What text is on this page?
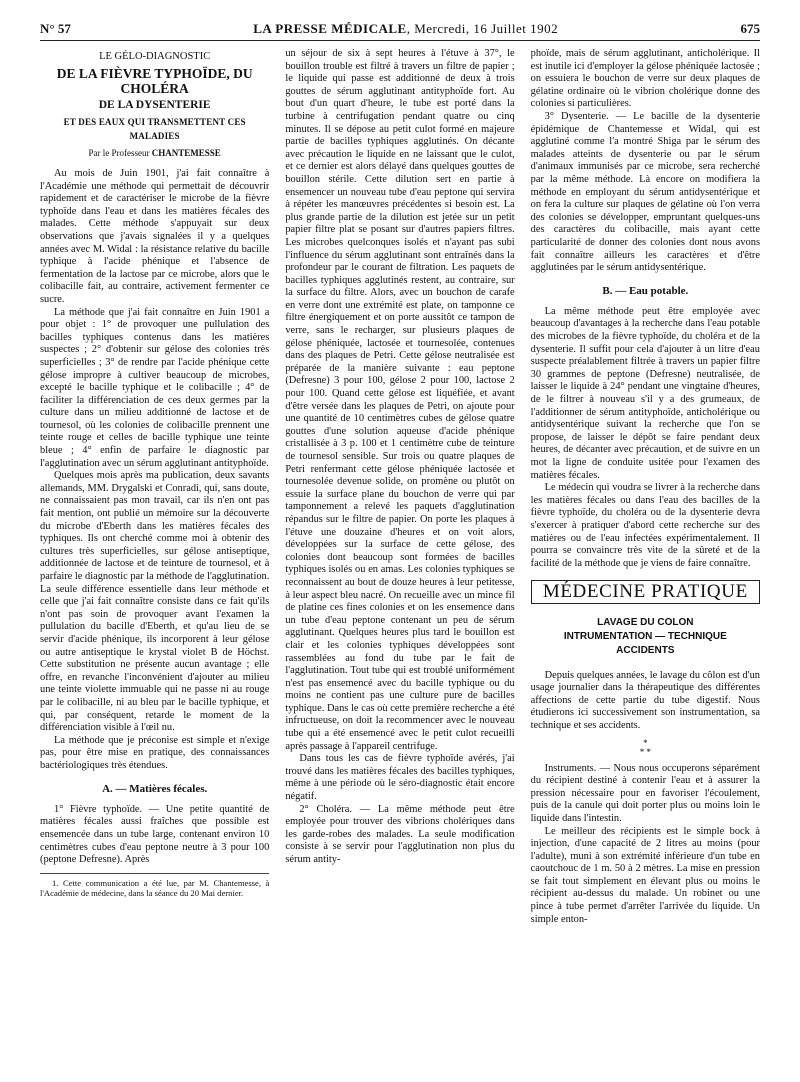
N° 57	LA PRESSE MÉDICALE, Mercredi, 16 Juillet 1902	675
LE GÉLO-DIAGNOSTIC
DE LA FIÈVRE TYPHOÏDE, DU CHOLÉRA
DE LA DYSENTERIE
ET DES EAUX QUI TRANSMETTENT CES MALADIES
Par le Professeur CHANTEMESSE

Au mois de Juin 1901, j'ai fait connaître à l'Académie une méthode qui permettait de découvrir rapidement et de caractériser le microbe de la fièvre typhoïde dans l'eau et dans les matières fécales des malades. Cette méthode s'appuyait sur deux observations que j'avais signalées il y a quelques années avec M. Widal : la résistance relative du bacille typhique à l'acide phénique et l'absence de fermentation de la lactose par ce microbe, alors que le colibacille fait, au contraire, activement fermenter ce sucre.

La méthode que j'ai fait connaître en Juin 1901 a pour objet : 1° de provoquer une pullulation des bacilles typhiques contenus dans les matières suspectes ; 2° d'obtenir sur gélose des colonies très superficielles ; 3° de rendre par l'acide phénique cette gélose impropre à cultiver beaucoup de microbes, excepté le bacille typhique et le colibacille ; 4° de faciliter la différenciation de ces deux germes par la culture dans un milieu additionné de lactose et de tournesol, où les colonies de colibacille prennent une teinte rouge et celles de bacille typhique une teinte bleue ; 4° enfin de parfaire le diagnostic par l'agglutination avec un sérum agglutinant antityphoïde.

Quelques mois après ma publication, deux savants allemands, MM. Drygalski et Conradi, qui, sans doute, ne connaissaient pas mon travail, car ils n'en ont pas fait mention, ont publié un mémoire sur la découverte du microbe d'Eberth dans les matières fécales des typhiques. Ils ont cherché comme moi à obtenir des cultures très superficielles, sur gélose antiseptique, additionnée de lactose et de teinture de tournesol, et à parfaire le diagnostic par la méthode de l'agglutination. La seule différence essentielle dans leur méthode et celle que j'ai fait connaître consiste dans ce fait qu'ils n'ont pas soin de provoquer avant l'examen la pullulation du bacille d'Eberth, et qu'au lieu de se servir d'acide phénique, ils incorporent à leur gélose ou autre antiseptique le krystal violet B de Höchst. Cette substitution ne présente aucun avantage ; elle offre, en revanche l'inconvénient d'ajouter au milieu une teinte violette immuable qui ne passe ni au rouge par le colibacille, ni au bleu par le bacille typhique, et qui, par conséquent, retarde le moment de la différenciation visible à l'œil nu.

La méthode que je préconise est simple et n'exige pas, pour être mise en pratique, des connaissances bactériologiques très étendues.

A. — Matières fécales.

1° Fièvre typhoïde. — Une petite quantité de matières fécales aussi fraîches que possible est ensemencée dans un tube large, contenant environ 10 centimètres cubes d'eau peptone neutre à 3 pour 100 (peptone Defresne). Après

1. Cette communication a été lue, par M. Chantemesse, à l'Académie de médecine, dans la séance du 20 Mai dernier.

un séjour de six à sept heures à l'étuve à 37°, le bouillon trouble est filtré à travers un filtre de papier ; le liquide qui passe est additionné de deux à trois gouttes de sérum agglutinant antityphoïde fort. Au bout d'un quart d'heure, le tube est porté dans la turbine à centrifugation pendant quatre ou cinq minutes. Il se dépose au petit culot formé en majeure partie de bacilles typhiques agglutinés. On décante avec précaution le liquide en ne laissant que le culot, et ce dernier est alors délayé dans quelques gouttes de bouillon stérile. Cette dilution sert en partie à ensemencer un nouveau tube d'eau peptone qui servira à répéter les manœuvres précédentes si besoin est. La plus grande partie de la dilution est jetée sur un petit papier filtre plat se posant sur d'autres papiers filtres. Les microbes quelconques isolés et n'ayant pas subi l'influence du sérum agglutinant sont entraînés dans la profondeur par le courant de filtration. Les paquets de bacilles typhiques agglutinés restent, au contraire, sur la surface du filtre. Alors, avec un bouchon de carafe en verre dont une extrémité est plate, on tamponne ce filtre énergiquement et on porte aussitôt ce tampon de verre, sans le recharger, sur plusieurs plaques de gélose phéniquée, lactosée et tournesolée, contenues dans des plaques de Petri. Cette gélose neutralisée est préparée de la manière suivante : eau peptone (Defresne) 3 pour 100, gélose 2 pour 100, lactose 2 pour 100. Quand cette gélose est liquéfiée, et avant d'être versée dans les plaques de Petri, on ajoute pour une quantité de 10 centimètres cubes de gélose quatre gouttes d'une solution aqueuse d'acide phénique cristallisée à 3 p. 100 et 1 centimètre cube de teinture de tournesol sensible. Sur trois ou quatre plaques de Petri renfermant cette gélose phéniquée lactosée et tournesolée devenue solide, on promène ou plutôt on essuie la surface plane du bouchon de verre qui par tamponnement a relevé les paquets d'agglutination répandus sur le filtre de papier. On porte les plaques à l'étuve une douzaine d'heures et on voit alors, développées sur la surface de cette gélose, des colonies dont beaucoup sont formées de bacilles typhiques isolés ou en amas. Les colonies typhiques se reconnaissent au bout de douze heures à leur petitesse, à leur aspect bleu nacré. On recueille avec un mince fil de platine ces fines colonies et on les ensemence dans un tube d'eau peptone contenant un peu de sérum agglutinant. Quelques heures plus tard le bouillon est clair et les colonies typhiques développées sont rassemblées au fond du tube par le fait de l'agglutination. Tout tube qui est troublé uniformément n'est pas ensemencé avec du bacille typhique ou du moins ne contient pas une culture pure de bacilles typhique. Dans le cas où cette première recherche a été infructueuse, on doit la recommencer avec le nouveau tube qui a été ensemencé avec le petit culot recueilli après passage à l'appareil centrifuge.

Dans tous les cas de fièvre typhoïde avérés, j'ai trouvé dans les matières fécales des bacilles typhiques, même à une période où le séro-diagnostic était encore négatif.

2° Choléra. — La même méthode peut être employée pour trouver des vibrions cholériques dans les garde-robes des malades. La seule modification consiste à se servir pour l'agglutination non plus du sérum antity-

phoïde, mais de sérum agglutinant, anticholérique. Il est inutile ici d'employer la gélose phéniquée lactosée ; on essuiera le bouchon de verre sur deux plaques de gélatine ordinaire où le vibrion cholérique donne des colonies si particulières.

3° Dysenterie. — Le bacille de la dysenterie épidémique de Chantemesse et Widal, qui est agglutiné comme l'a montré Shiga par le sérum des malades atteints de dysenterie ou par le sérum d'animaux immunisés par ce microbe, sera recherché par la même méthode. Là encore on modifiera la méthode en employant du sérum antidysentérique et on fera la culture sur plaques de gélatine où l'on verra des colonies se développer, empruntant quelques-uns des caractères du colibacille, mais ayant cette particularité de donner des colonies dont nous avons fait connaître ailleurs les caractères et d'être agglutinées par le sérum antidysentérique.

B. — Eau potable.

La même méthode peut être employée avec beaucoup d'avantages à la recherche dans l'eau potable des microbes de la fièvre typhoïde, du choléra et de la dysenterie. Il suffit pour cela d'ajouter à un litre d'eau suspecte préalablement filtrée à travers un papier filtre 30 grammes de peptone (Defresne) neutralisée, de laisser le liquide à 24° pendant une vingtaine d'heures, de le filtrer à nouveau s'il y a des grumeaux, de l'additionner de sérum antityphoïde, anticholérique ou antidysentérique suivant la recherche que l'on se propose, de laisser le dépôt se faire pendant deux heures, de décanter avec précaution, et de suivre en un mot la ligne de conduite usitée pour l'examen des matières fécales.

Le médecin qui voudra se livrer à la recherche dans les matières fécales ou dans l'eau des bacilles de la fièvre typhoïde, du choléra ou de la dysenterie devra s'exercer à pratiquer d'abord cette recherche sur des matières ou de l'eau infectées expérimentalement. Il pourra se convaincre très vite de la sûreté et de la facilité de la méthode que je viens de faire connaître.

MÉDECINE PRATIQUE
LAVAGE DU COLON
INTRUMENTATION — TECHNIQUE
ACCIDENTS

Depuis quelques années, le lavage du côlon est d'un usage journalier dans la thérapeutique des différentes affections de cette partie du tube digestif. Nous étudierons ici successivement son instrumentation, sa technique et ses accidents.

*
* *

Instruments. — Nous nous occuperons séparément du récipient destiné à contenir l'eau et à assurer la pression nécessaire pour en favoriser l'écoulement, puis de la canule qui doit porter plus ou moins loin le liquide dans l'intestin.

Le meilleur des récipients est le simple bock à injection, d'une capacité de 2 litres au moins (pour l'adulte), muni à son extrémité inférieure d'un tube en caoutchouc de 1 m. 50 à 2 mètres. La mise en pression se fait tout simplement en élevant plus ou moins le récipient au-dessus du malade. Un robinet ou une pince à tube permet d'arrêter l'arrivée du liquide. Un simple enton-
